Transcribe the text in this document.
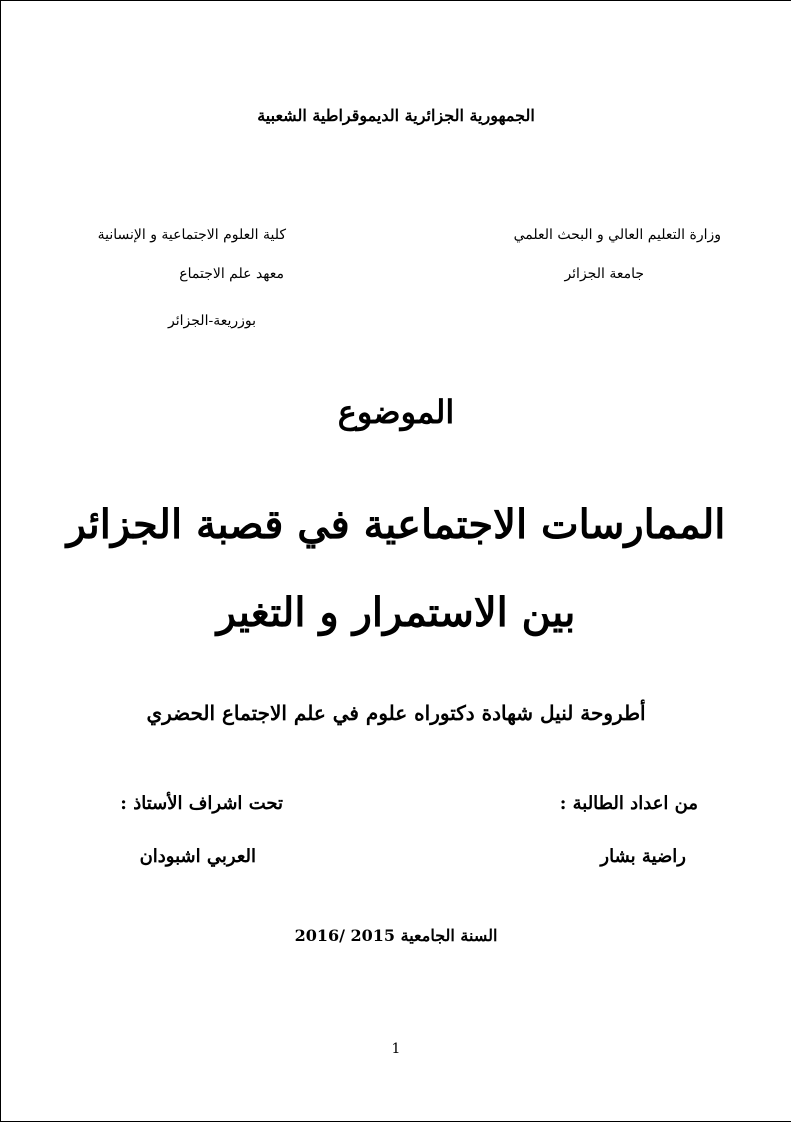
الجمهورية الجزائرية الديموقراطية الشعبية
وزارة التعليم العالي و البحث العلمي
جامعة الجزائر
كلية العلوم الاجتماعية و الإنسانية
معهد علم الاجتماع
بوزريعة-الجزائر
الموضوع
الممارسات الاجتماعية في قصبة الجزائر
بين الاستمرار و التغير
أطروحة لنيل شهادة دكتوراه علوم في علم الاجتماع الحضري
من اعداد الطالبة :
راضية بشار
تحت اشراف الأستاذ :
العربي اشبودان
السنة الجامعية 2015 /2016
1
